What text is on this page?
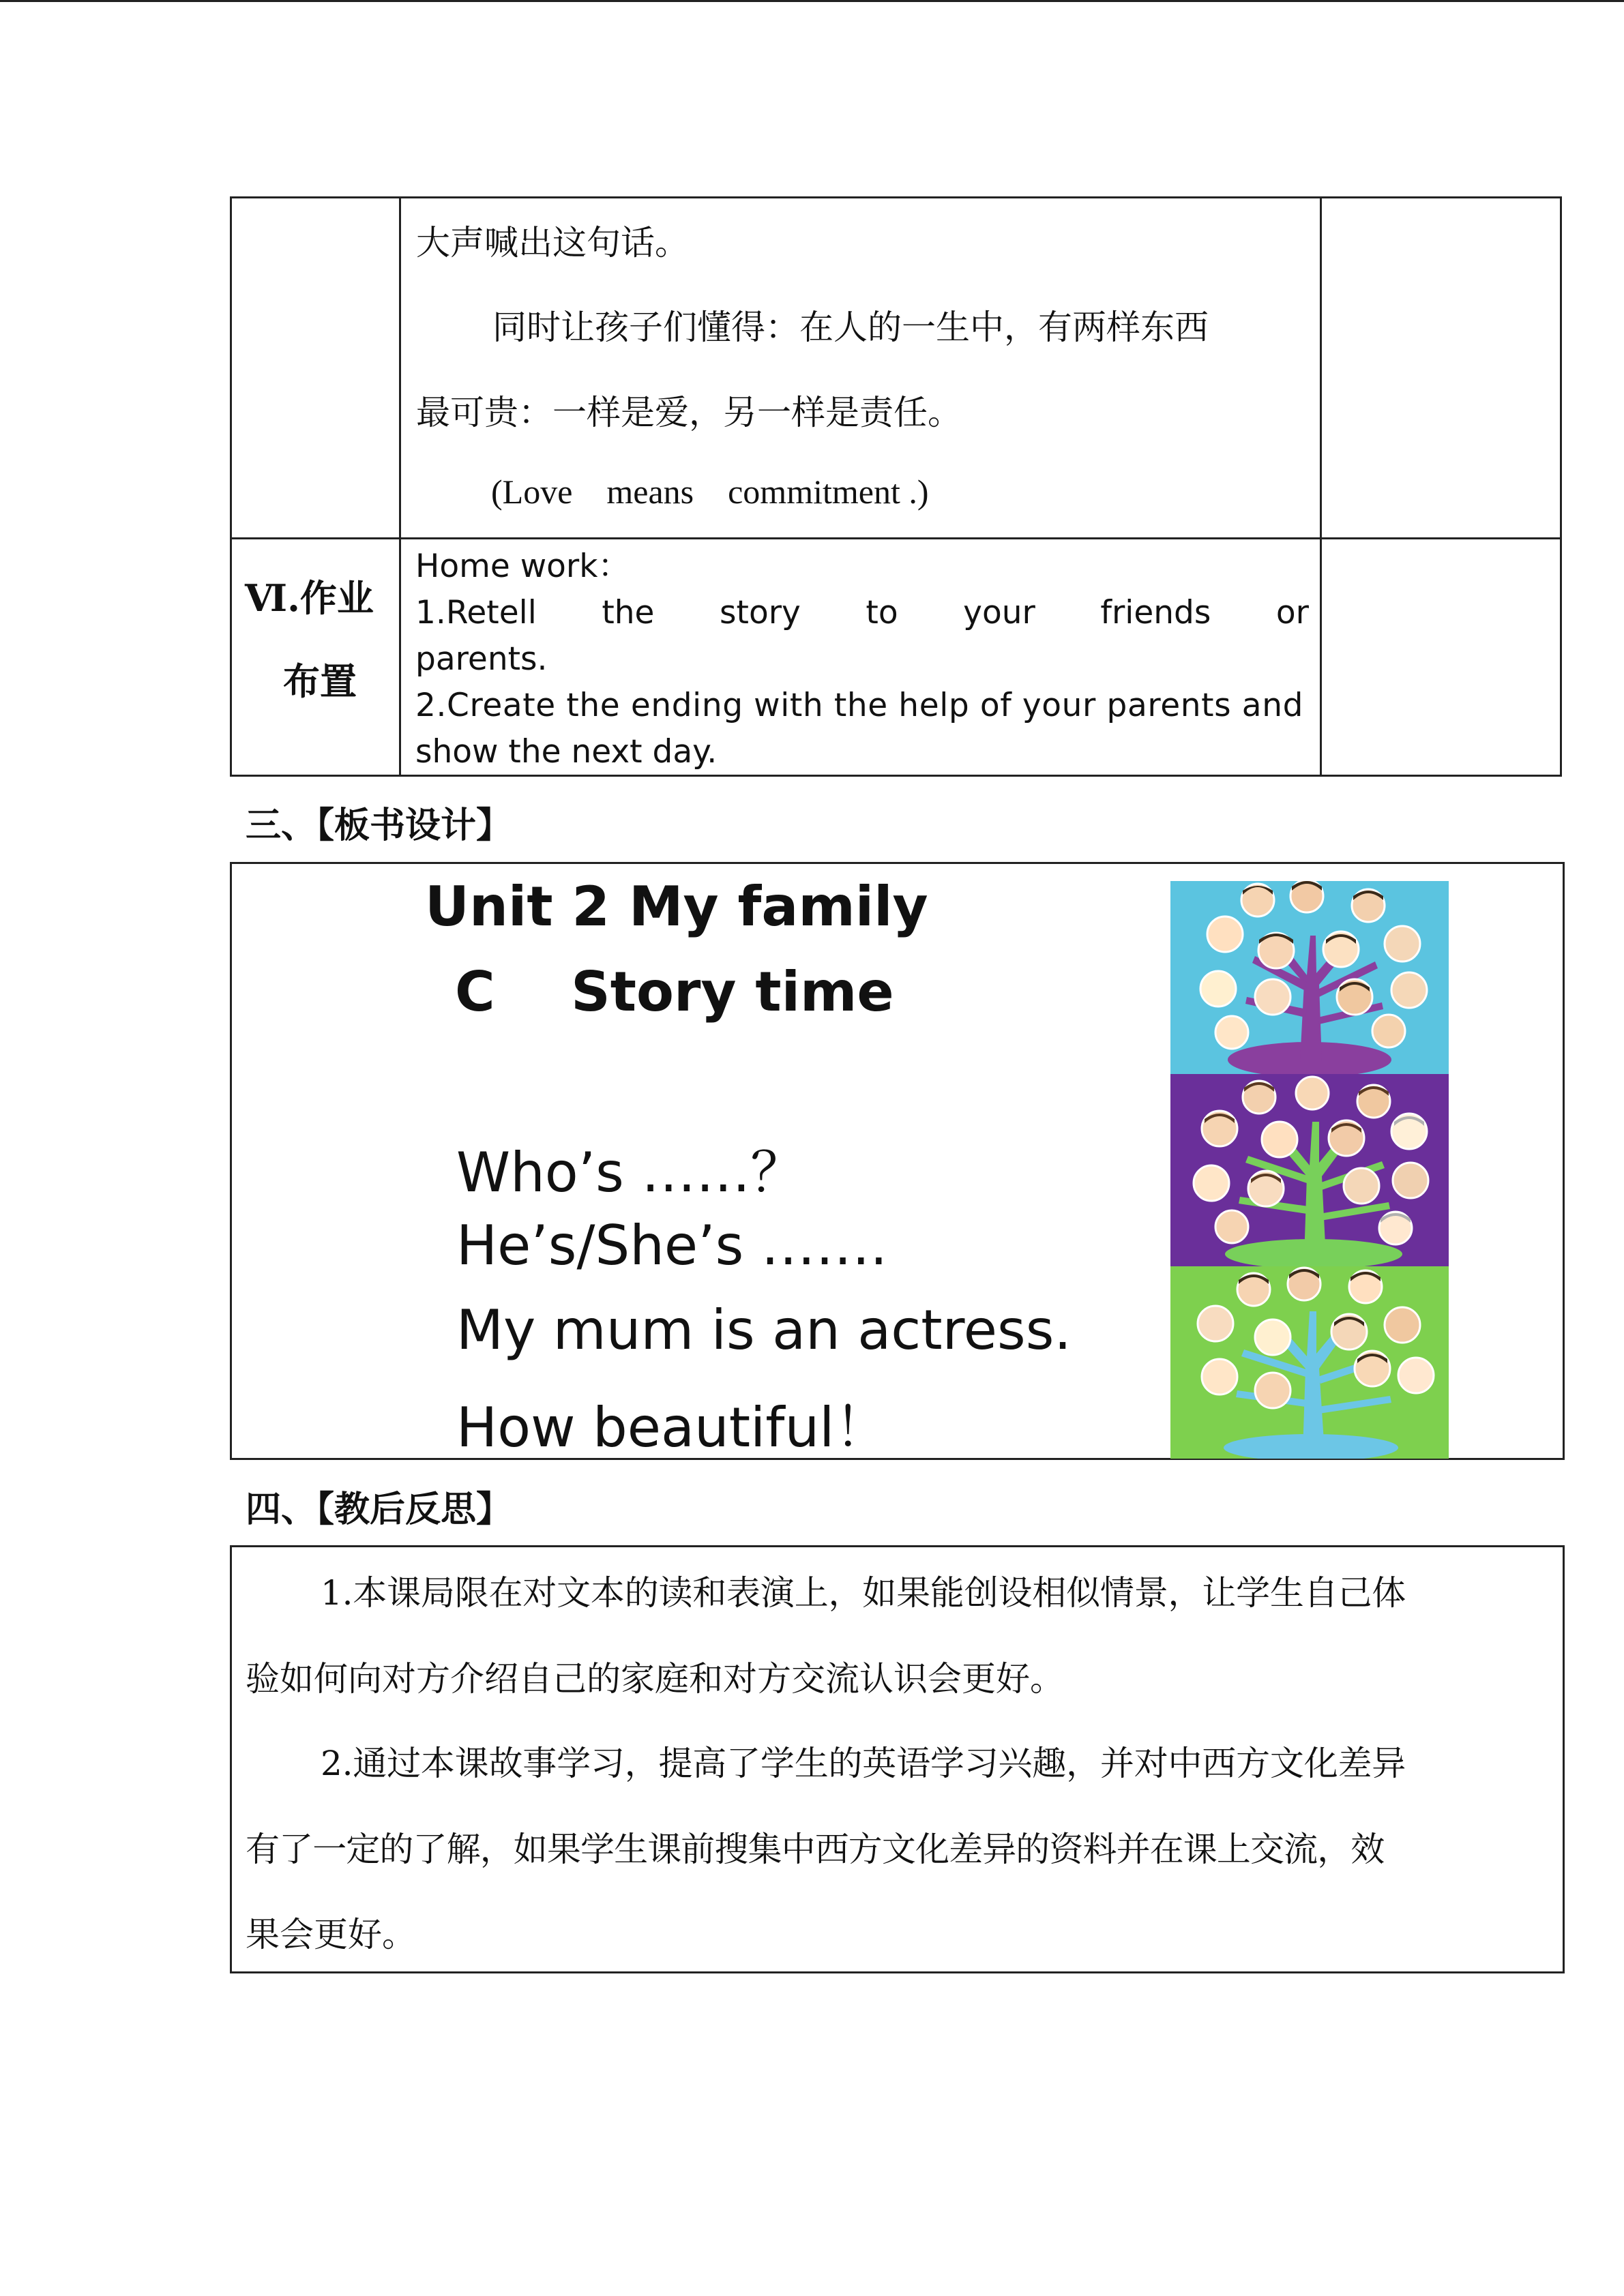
大声喊出这句话。
同时让孩子们懂得：在人的一生中，有两样东西
最可贵：一样是爱，另一样是责任。
(Love    means    commitment .)
Ⅵ.作业
布置
Home work：
1.Retell    the    story    to    your    friends    or
parents.
2.Create the ending with the help of your parents and
show the next day.
三、【板书设计】
Unit 2 My family
C    Story time
Who’s ……？
He’s/She’s …….
My mum is an actress.
How beautiful！
四、【教后反思】
1.本课局限在对文本的读和表演上，如果能创设相似情景，让学生自己体
验如何向对方介绍自己的家庭和对方交流认识会更好。
2.通过本课故事学习，提高了学生的英语学习兴趣，并对中西方文化差异
有了一定的了解，如果学生课前搜集中西方文化差异的资料并在课上交流，效
果会更好。
